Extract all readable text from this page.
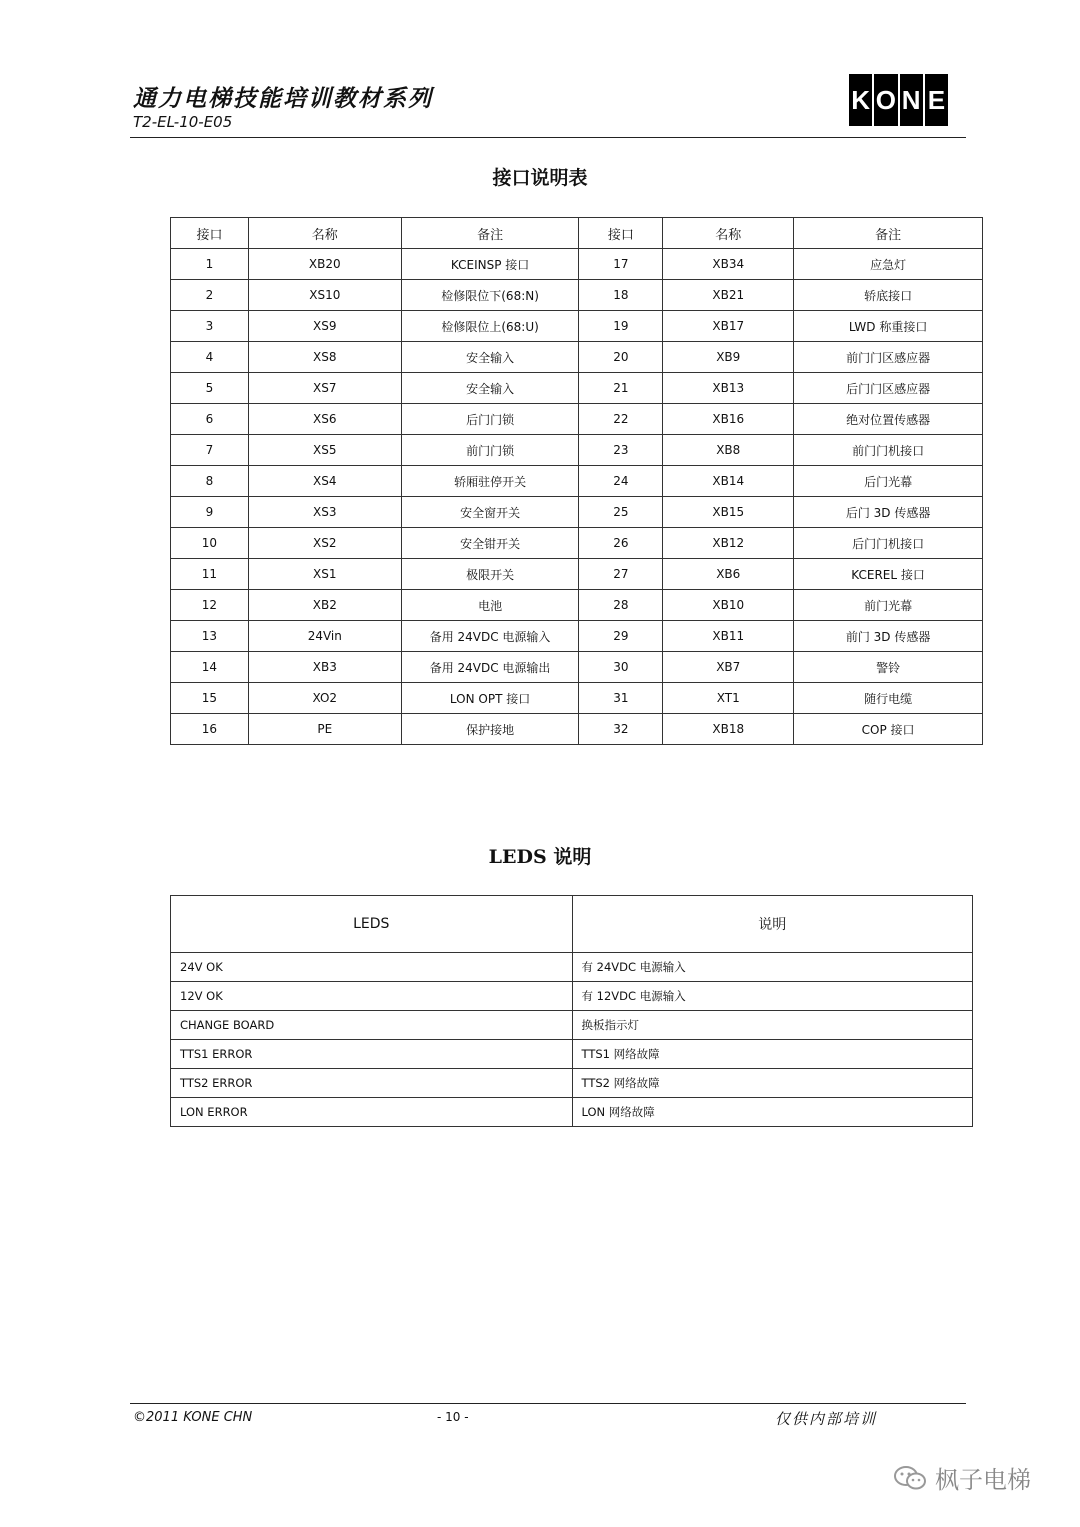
通力电梯技能培训教材系列
T2-EL-10-E05
K O N E
接口说明表
接口	名称	备注	接口	名称	备注
1	XB20	KCEINSP 接口	17	XB34	应急灯
2	XS10	检修限位下(68:N)	18	XB21	轿底接口
3	XS9	检修限位上(68:U)	19	XB17	LWD 称重接口
4	XS8	安全输入	20	XB9	前门门区感应器
5	XS7	安全输入	21	XB13	后门门区感应器
6	XS6	后门门锁	22	XB16	绝对位置传感器
7	XS5	前门门锁	23	XB8	前门门机接口
8	XS4	轿厢驻停开关	24	XB14	后门光幕
9	XS3	安全窗开关	25	XB15	后门 3D 传感器
10	XS2	安全钳开关	26	XB12	后门门机接口
11	XS1	极限开关	27	XB6	KCEREL 接口
12	XB2	电池	28	XB10	前门光幕
13	24Vin	备用 24VDC 电源输入	29	XB11	前门 3D 传感器
14	XB3	备用 24VDC 电源输出	30	XB7	警铃
15	XO2	LON OPT 接口	31	XT1	随行电缆
16	PE	保护接地	32	XB18	COP 接口
LEDS 说明
LEDS	说明
24V OK	有 24VDC 电源输入
12V OK	有 12VDC 电源输入
CHANGE BOARD	换板指示灯
TTS1 ERROR	TTS1 网络故障
TTS2 ERROR	TTS2 网络故障
LON ERROR	LON 网络故障
©2011 KONE CHN	- 10 -	仅供内部培训
枫子电梯
